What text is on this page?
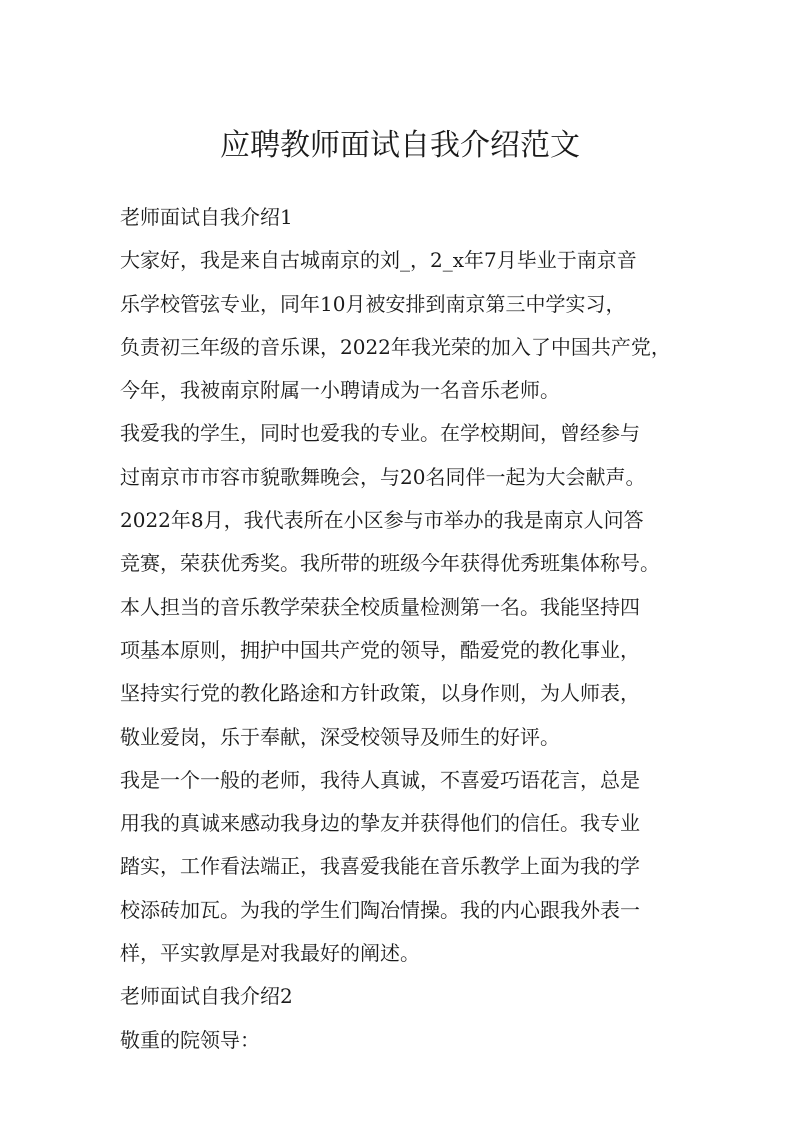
应聘教师面试自我介绍范文
老师面试自我介绍1
大家好，我是来自古城南京的刘_，2_x年7月毕业于南京音
乐学校管弦专业，同年10月被安排到南京第三中学实习，
负责初三年级的音乐课，2022年我光荣的加入了中国共产党，
今年，我被南京附属一小聘请成为一名音乐老师。
我爱我的学生，同时也爱我的专业。在学校期间，曾经参与
过南京市市容市貌歌舞晚会，与20名同伴一起为大会献声。
2022年8月，我代表所在小区参与市举办的我是南京人问答
竞赛，荣获优秀奖。我所带的班级今年获得优秀班集体称号。
本人担当的音乐教学荣获全校质量检测第一名。我能坚持四
项基本原则，拥护中国共产党的领导，酷爱党的教化事业，
坚持实行党的教化路途和方针政策，以身作则，为人师表，
敬业爱岗，乐于奉献，深受校领导及师生的好评。
我是一个一般的老师，我待人真诚，不喜爱巧语花言，总是
用我的真诚来感动我身边的挚友并获得他们的信任。我专业
踏实，工作看法端正，我喜爱我能在音乐教学上面为我的学
校添砖加瓦。为我的学生们陶冶情操。我的内心跟我外表一
样，平实敦厚是对我最好的阐述。
老师面试自我介绍2
敬重的院领导：
